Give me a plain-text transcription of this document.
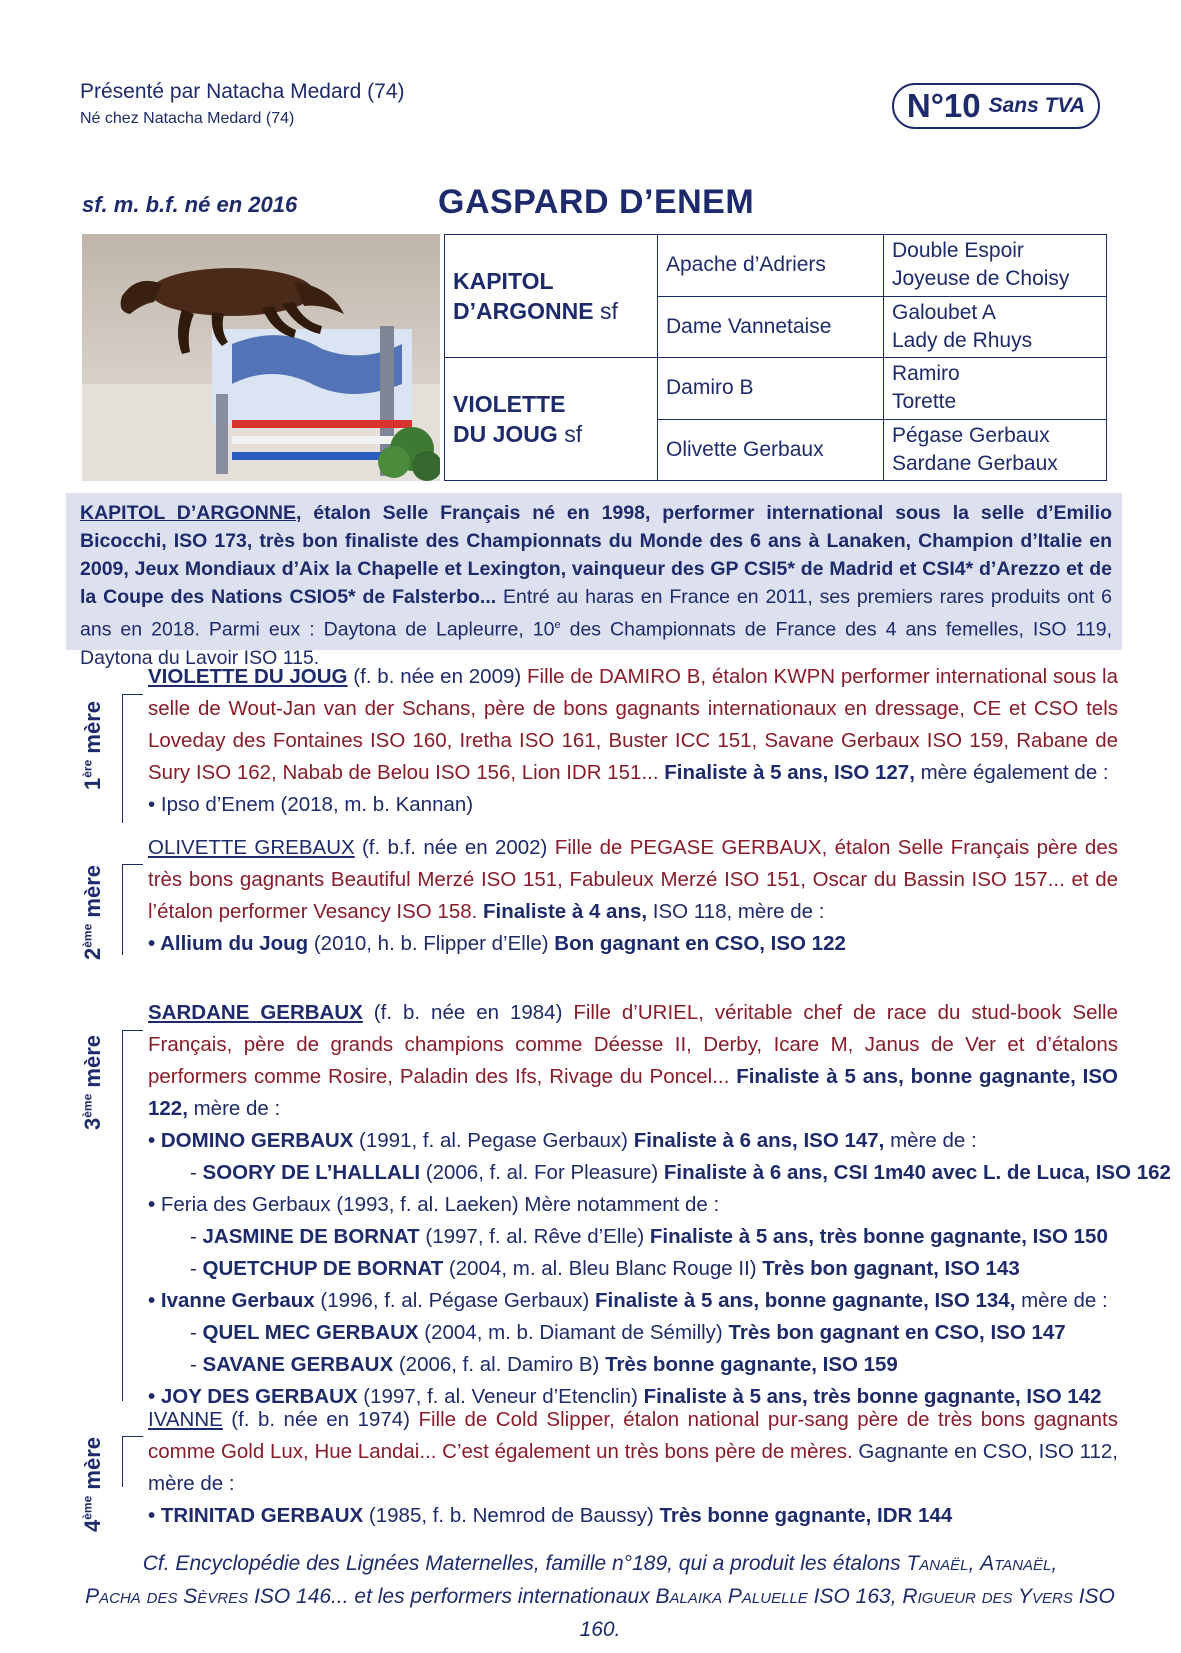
Présenté par Natacha Medard (74)
Né chez Natacha Medard (74)	N°10 Sans TVA
sf. m. b.f. né en 2016	GASPARD D’ENEM
KAPITOL
D’ARGONNE sf	Apache d’Adriers	Double Espoir
Joyeuse de Choisy

	Dame Vannetaise	Galoubet A
Lady de Rhuys

VIOLETTE
DU JOUG sf	Damiro B	Ramiro
Torette

	Olivette Gerbaux	Pégase Gerbaux
Sardane Gerbaux

KAPITOL D’ARGONNE, étalon Selle Français né en 1998, performer international sous la selle d’Emilio Bicocchi, ISO 173, très bon finaliste des Championnats du Monde des 6 ans à Lanaken, Champion d’Italie en 2009, Jeux Mondiaux d’Aix la Chapelle et Lexington, vainqueur des GP CSI5* de Madrid et CSI4* d’Arezzo et de la Coupe des Nations CSIO5* de Falsterbo... Entré au haras en France en 2011, ses premiers rares produits ont 6 ans en 2018. Parmi eux : Daytona de Lapleurre, 10e des Championnats de France des 4 ans femelles, ISO 119, Daytona du Lavoir ISO 115.
1ère mère
VIOLETTE DU JOUG (f. b. née en 2009) Fille de DAMIRO B, étalon KWPN performer international sous la selle de Wout-Jan van der Schans, père de bons gagnants internationaux en dressage, CE et CSO tels Loveday des Fontaines ISO 160, Iretha ISO 161, Buster ICC 151, Savane Gerbaux ISO 159, Rabane de Sury ISO 162, Nabab de Belou ISO 156, Lion IDR 151... Finaliste à 5 ans, ISO 127, mère également de :
• Ipso d’Enem (2018, m. b. Kannan)
2ème mère
OLIVETTE GREBAUX (f. b.f. née en 2002) Fille de PEGASE GERBAUX, étalon Selle Français père des très bons gagnants Beautiful Merzé ISO 151, Fabuleux Merzé ISO 151, Oscar du Bassin ISO 157... et de l’étalon performer Vesancy ISO 158. Finaliste à 4 ans, ISO 118, mère de :
• Allium du Joug (2010, h. b. Flipper d’Elle) Bon gagnant en CSO, ISO 122
3ème mère
SARDANE GERBAUX (f. b. née en 1984) Fille d’URIEL, véritable chef de race du stud-book Selle Français, père de grands champions comme Déesse II, Derby, Icare M, Janus de Ver et d’étalons performers comme Rosire, Paladin des Ifs, Rivage du Poncel... Finaliste à 5 ans, bonne gagnante, ISO 122, mère de :
• DOMINO GERBAUX (1991, f. al. Pegase Gerbaux) Finaliste à 6 ans, ISO 147, mère de :
- SOORY DE L’HALLALI (2006, f. al. For Pleasure) Finaliste à 6 ans, CSI 1m40 avec L. de Luca, ISO 162
• Feria des Gerbaux (1993, f. al. Laeken) Mère notamment de :
- JASMINE DE BORNAT (1997, f. al. Rêve d’Elle) Finaliste à 5 ans, très bonne gagnante, ISO 150
- QUETCHUP DE BORNAT (2004, m. al. Bleu Blanc Rouge II) Très bon gagnant, ISO 143
• Ivanne Gerbaux (1996, f. al. Pégase Gerbaux) Finaliste à 5 ans, bonne gagnante, ISO 134, mère de :
- QUEL MEC GERBAUX (2004, m. b. Diamant de Sémilly) Très bon gagnant en CSO, ISO 147
- SAVANE GERBAUX (2006, f. al. Damiro B) Très bonne gagnante, ISO 159
• JOY DES GERBAUX (1997, f. al. Veneur d’Etenclin) Finaliste à 5 ans, très bonne gagnante, ISO 142
4ème mère
IVANNE (f. b. née en 1974) Fille de Cold Slipper, étalon national pur-sang père de très bons gagnants comme Gold Lux, Hue Landai... C’est également un très bons père de mères. Gagnante en CSO, ISO 112, mère de :
• TRINITAD GERBAUX (1985, f. b. Nemrod de Baussy) Très bonne gagnante, IDR 144
Cf. Encyclopédie des Lignées Maternelles, famille n°189, qui a produit les étalons Tanaël, Atanaël,
Pacha des Sèvres ISO 146... et les performers internationaux Balaika Paluelle ISO 163, Rigueur des Yvers ISO 160.
